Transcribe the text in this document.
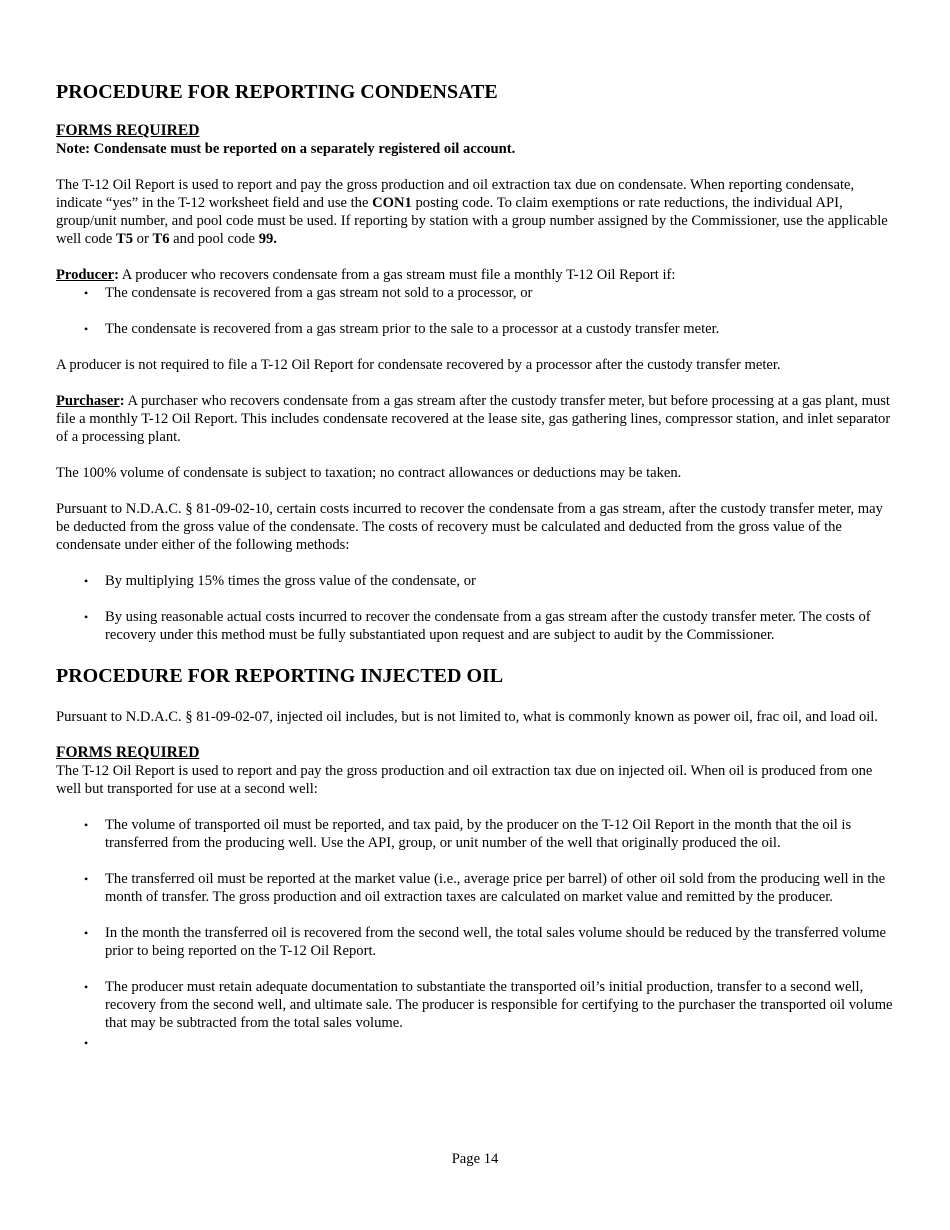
PROCEDURE FOR REPORTING CONDENSATE
FORMS REQUIRED

Note: Condensate must be reported on a separately registered oil account.

The T-12 Oil Report is used to report and pay the gross production and oil extraction tax due on condensate. When reporting condensate, indicate “yes” in the T-12 worksheet field and use the CON1 posting code. To claim exemptions or rate reductions, the individual API, group/unit number, and pool code must be used. If reporting by station with a group number assigned by the Commissioner, use the applicable well code T5 or T6 and pool code 99.

Producer: A producer who recovers condensate from a gas stream must file a monthly T-12 Oil Report if:

• The condensate is recovered from a gas stream not sold to a processor, or
• The condensate is recovered from a gas stream prior to the sale to a processor at a custody transfer meter.

A producer is not required to file a T-12 Oil Report for condensate recovered by a processor after the custody transfer meter.

Purchaser: A purchaser who recovers condensate from a gas stream after the custody transfer meter, but before processing at a gas plant, must file a monthly T-12 Oil Report. This includes condensate recovered at the lease site, gas gathering lines, compressor station, and inlet separator of a processing plant.

The 100% volume of condensate is subject to taxation; no contract allowances or deductions may be taken.

Pursuant to N.D.A.C. § 81-09-02-10, certain costs incurred to recover the condensate from a gas stream, after the custody transfer meter, may be deducted from the gross value of the condensate. The costs of recovery must be calculated and deducted from the gross value of the condensate under either of the following methods:

• By multiplying 15% times the gross value of the condensate, or
• By using reasonable actual costs incurred to recover the condensate from a gas stream after the custody transfer meter. The costs of recovery under this method must be fully substantiated upon request and are subject to audit by the Commissioner.
PROCEDURE FOR REPORTING INJECTED OIL

Pursuant to N.D.A.C. § 81-09-02-07, injected oil includes, but is not limited to, what is commonly known as power oil, frac oil, and load oil.

FORMS REQUIRED

The T-12 Oil Report is used to report and pay the gross production and oil extraction tax due on injected oil. When oil is produced from one well but transported for use at a second well:

• The volume of transported oil must be reported, and tax paid, by the producer on the T-12 Oil Report in the month that the oil is transferred from the producing well. Use the API, group, or unit number of the well that originally produced the oil.
• The transferred oil must be reported at the market value (i.e., average price per barrel) of other oil sold from the producing well in the month of transfer. The gross production and oil extraction taxes are calculated on market value and remitted by the producer.
• In the month the transferred oil is recovered from the second well, the total sales volume should be reduced by the transferred volume prior to being reported on the T-12 Oil Report.
• The producer must retain adequate documentation to substantiate the transported oil’s initial production, transfer to a second well, recovery from the second well, and ultimate sale. The producer is responsible for certifying to the purchaser the transported oil volume that may be subtracted from the total sales volume.
•
Page 14
